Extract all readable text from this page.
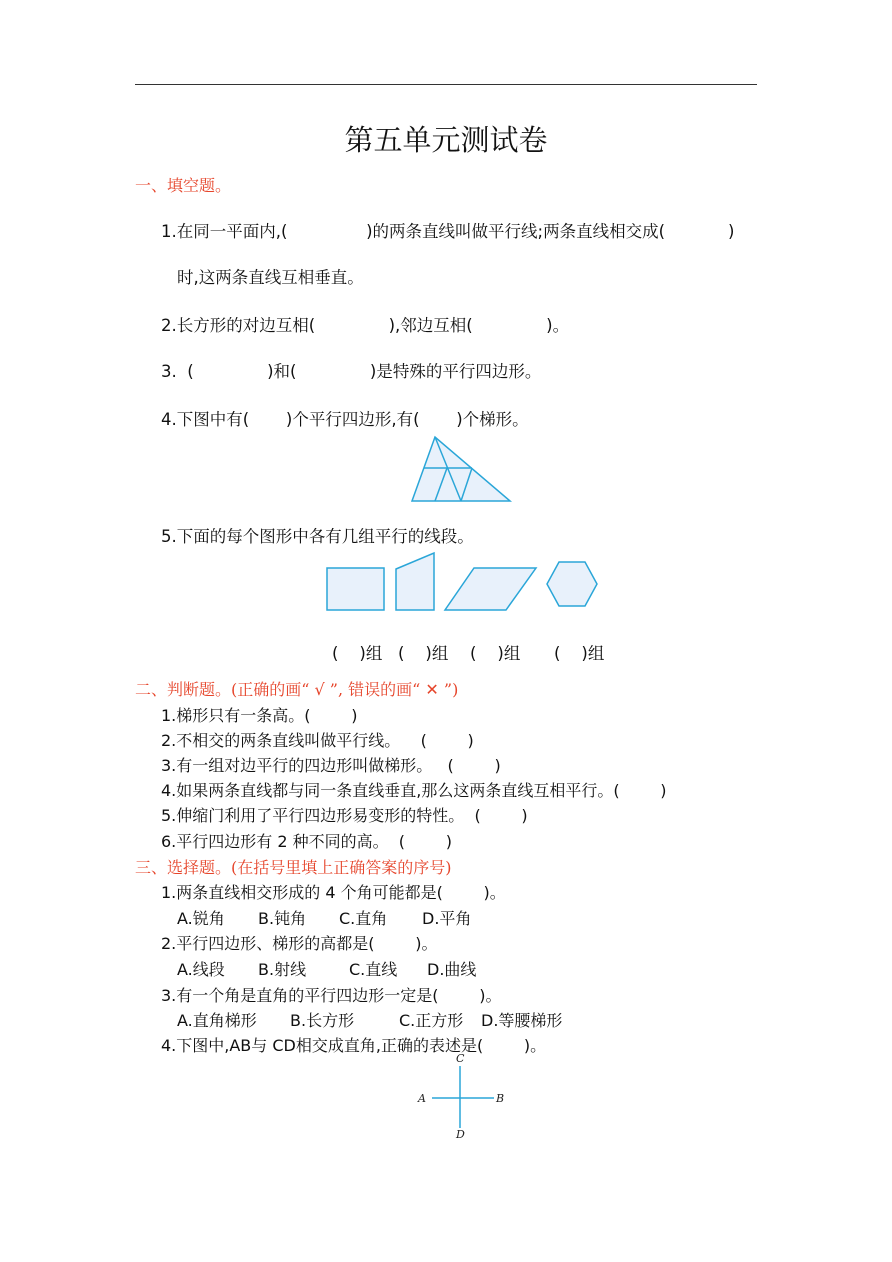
第五单元测试卷
一、填空题。
1.在同一平面内,(               )的两条直线叫做平行线;两条直线相交成(            )
时,这两条直线互相垂直。
2.长方形的对边互相(              ),邻边互相(              )。
3.  (              )和(              )是特殊的平行四边形。
4.下图中有(       )个平行四边形,有(       )个梯形。
5.下面的每个图形中各有几组平行的线段。
(    )组 (    )组 (    )组 (    )组
二、判断题。(正确的画“ √ ”, 错误的画“ ✕ ”)
1.梯形只有一条高。(        )
2.不相交的两条直线叫做平行线。    (        )
3.有一组对边平行的四边形叫做梯形。   (        )
4.如果两条直线都与同一条直线垂直,那么这两条直线互相平行。(        )
5.伸缩门利用了平行四边形易变形的特性。  (        )
6.平行四边形有 2 种不同的高。  (        )
三、选择题。(在括号里填上正确答案的序号)
1.两条直线相交形成的 4 个角可能都是(        )。
A.锐角 B.钝角 C.直角 D.平角
2.平行四边形、梯形的高都是(        )。
A.线段 B.射线	C.直线 D.曲线
3.有一个角是直角的平行四边形一定是(        )。
A.直角梯形 B.长方形	C.正方形 D.等腰梯形
4.下图中,AB与 CD相交成直角,正确的表述是(        )。
A	B
C
D
